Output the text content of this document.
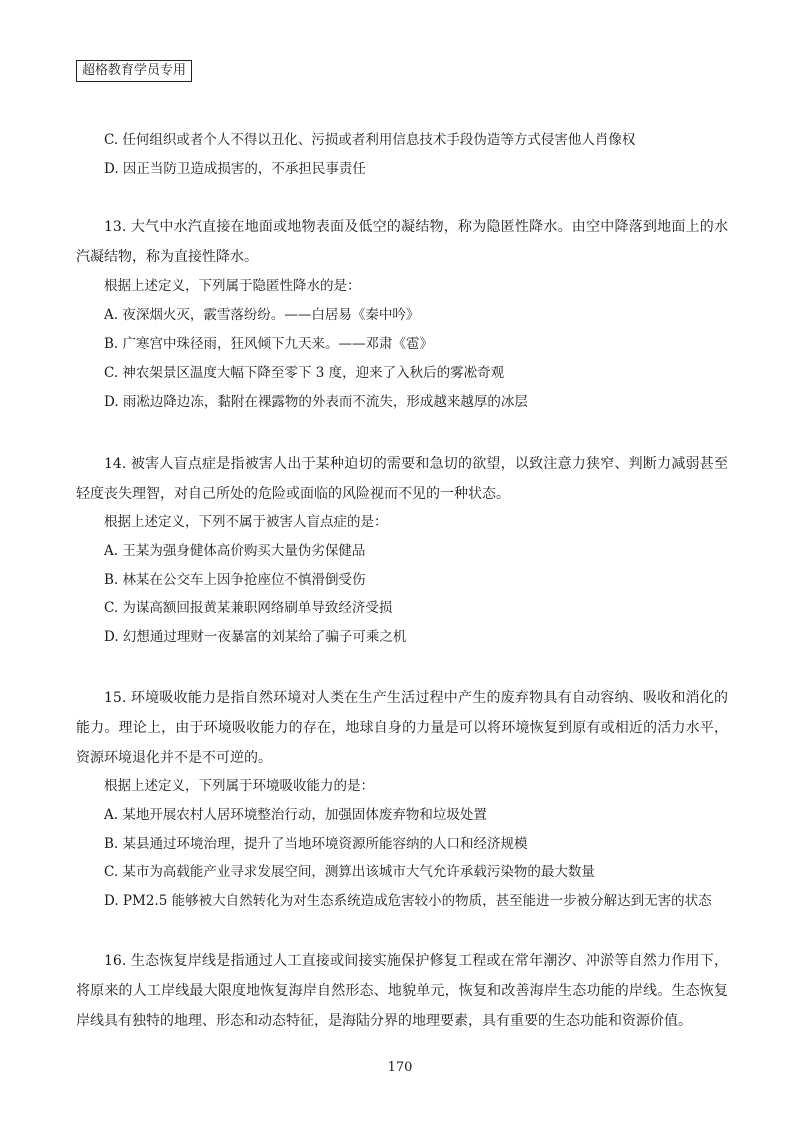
超格教育学员专用
C. 任何组织或者个人不得以丑化、污损或者利用信息技术手段伪造等方式侵害他人肖像权
D. 因正当防卫造成损害的，不承担民事责任
13. 大气中水汽直接在地面或地物表面及低空的凝结物，称为隐匿性降水。由空中降落到地面上的水汽凝结物，称为直接性降水。
根据上述定义，下列属于隐匿性降水的是：
A. 夜深烟火灭，霰雪落纷纷。——白居易《秦中吟》
B. 广寒宫中珠径雨，狂风倾下九天来。——邓肃《雹》
C. 神农架景区温度大幅下降至零下 3 度，迎来了入秋后的雾凇奇观
D. 雨凇边降边冻，黏附在裸露物的外表而不流失，形成越来越厚的冰层
14. 被害人盲点症是指被害人出于某种迫切的需要和急切的欲望，以致注意力狭窄、判断力减弱甚至轻度丧失理智，对自己所处的危险或面临的风险视而不见的一种状态。
根据上述定义，下列不属于被害人盲点症的是：
A. 王某为强身健体高价购买大量伪劣保健品
B. 林某在公交车上因争抢座位不慎滑倒受伤
C. 为谋高额回报黄某兼职网络刷单导致经济受损
D. 幻想通过理财一夜暴富的刘某给了骗子可乘之机
15. 环境吸收能力是指自然环境对人类在生产生活过程中产生的废弃物具有自动容纳、吸收和消化的能力。理论上，由于环境吸收能力的存在，地球自身的力量是可以将环境恢复到原有或相近的活力水平，资源环境退化并不是不可逆的。
根据上述定义，下列属于环境吸收能力的是：
A. 某地开展农村人居环境整治行动，加强固体废弃物和垃圾处置
B. 某县通过环境治理，提升了当地环境资源所能容纳的人口和经济规模
C. 某市为高载能产业寻求发展空间，测算出该城市大气允许承载污染物的最大数量
D. PM2.5 能够被大自然转化为对生态系统造成危害较小的物质，甚至能进一步被分解达到无害的状态
16. 生态恢复岸线是指通过人工直接或间接实施保护修复工程或在常年潮汐、冲淤等自然力作用下，将原来的人工岸线最大限度地恢复海岸自然形态、地貌单元，恢复和改善海岸生态功能的岸线。生态恢复岸线具有独特的地理、形态和动态特征，是海陆分界的地理要素，具有重要的生态功能和资源价值。
170
